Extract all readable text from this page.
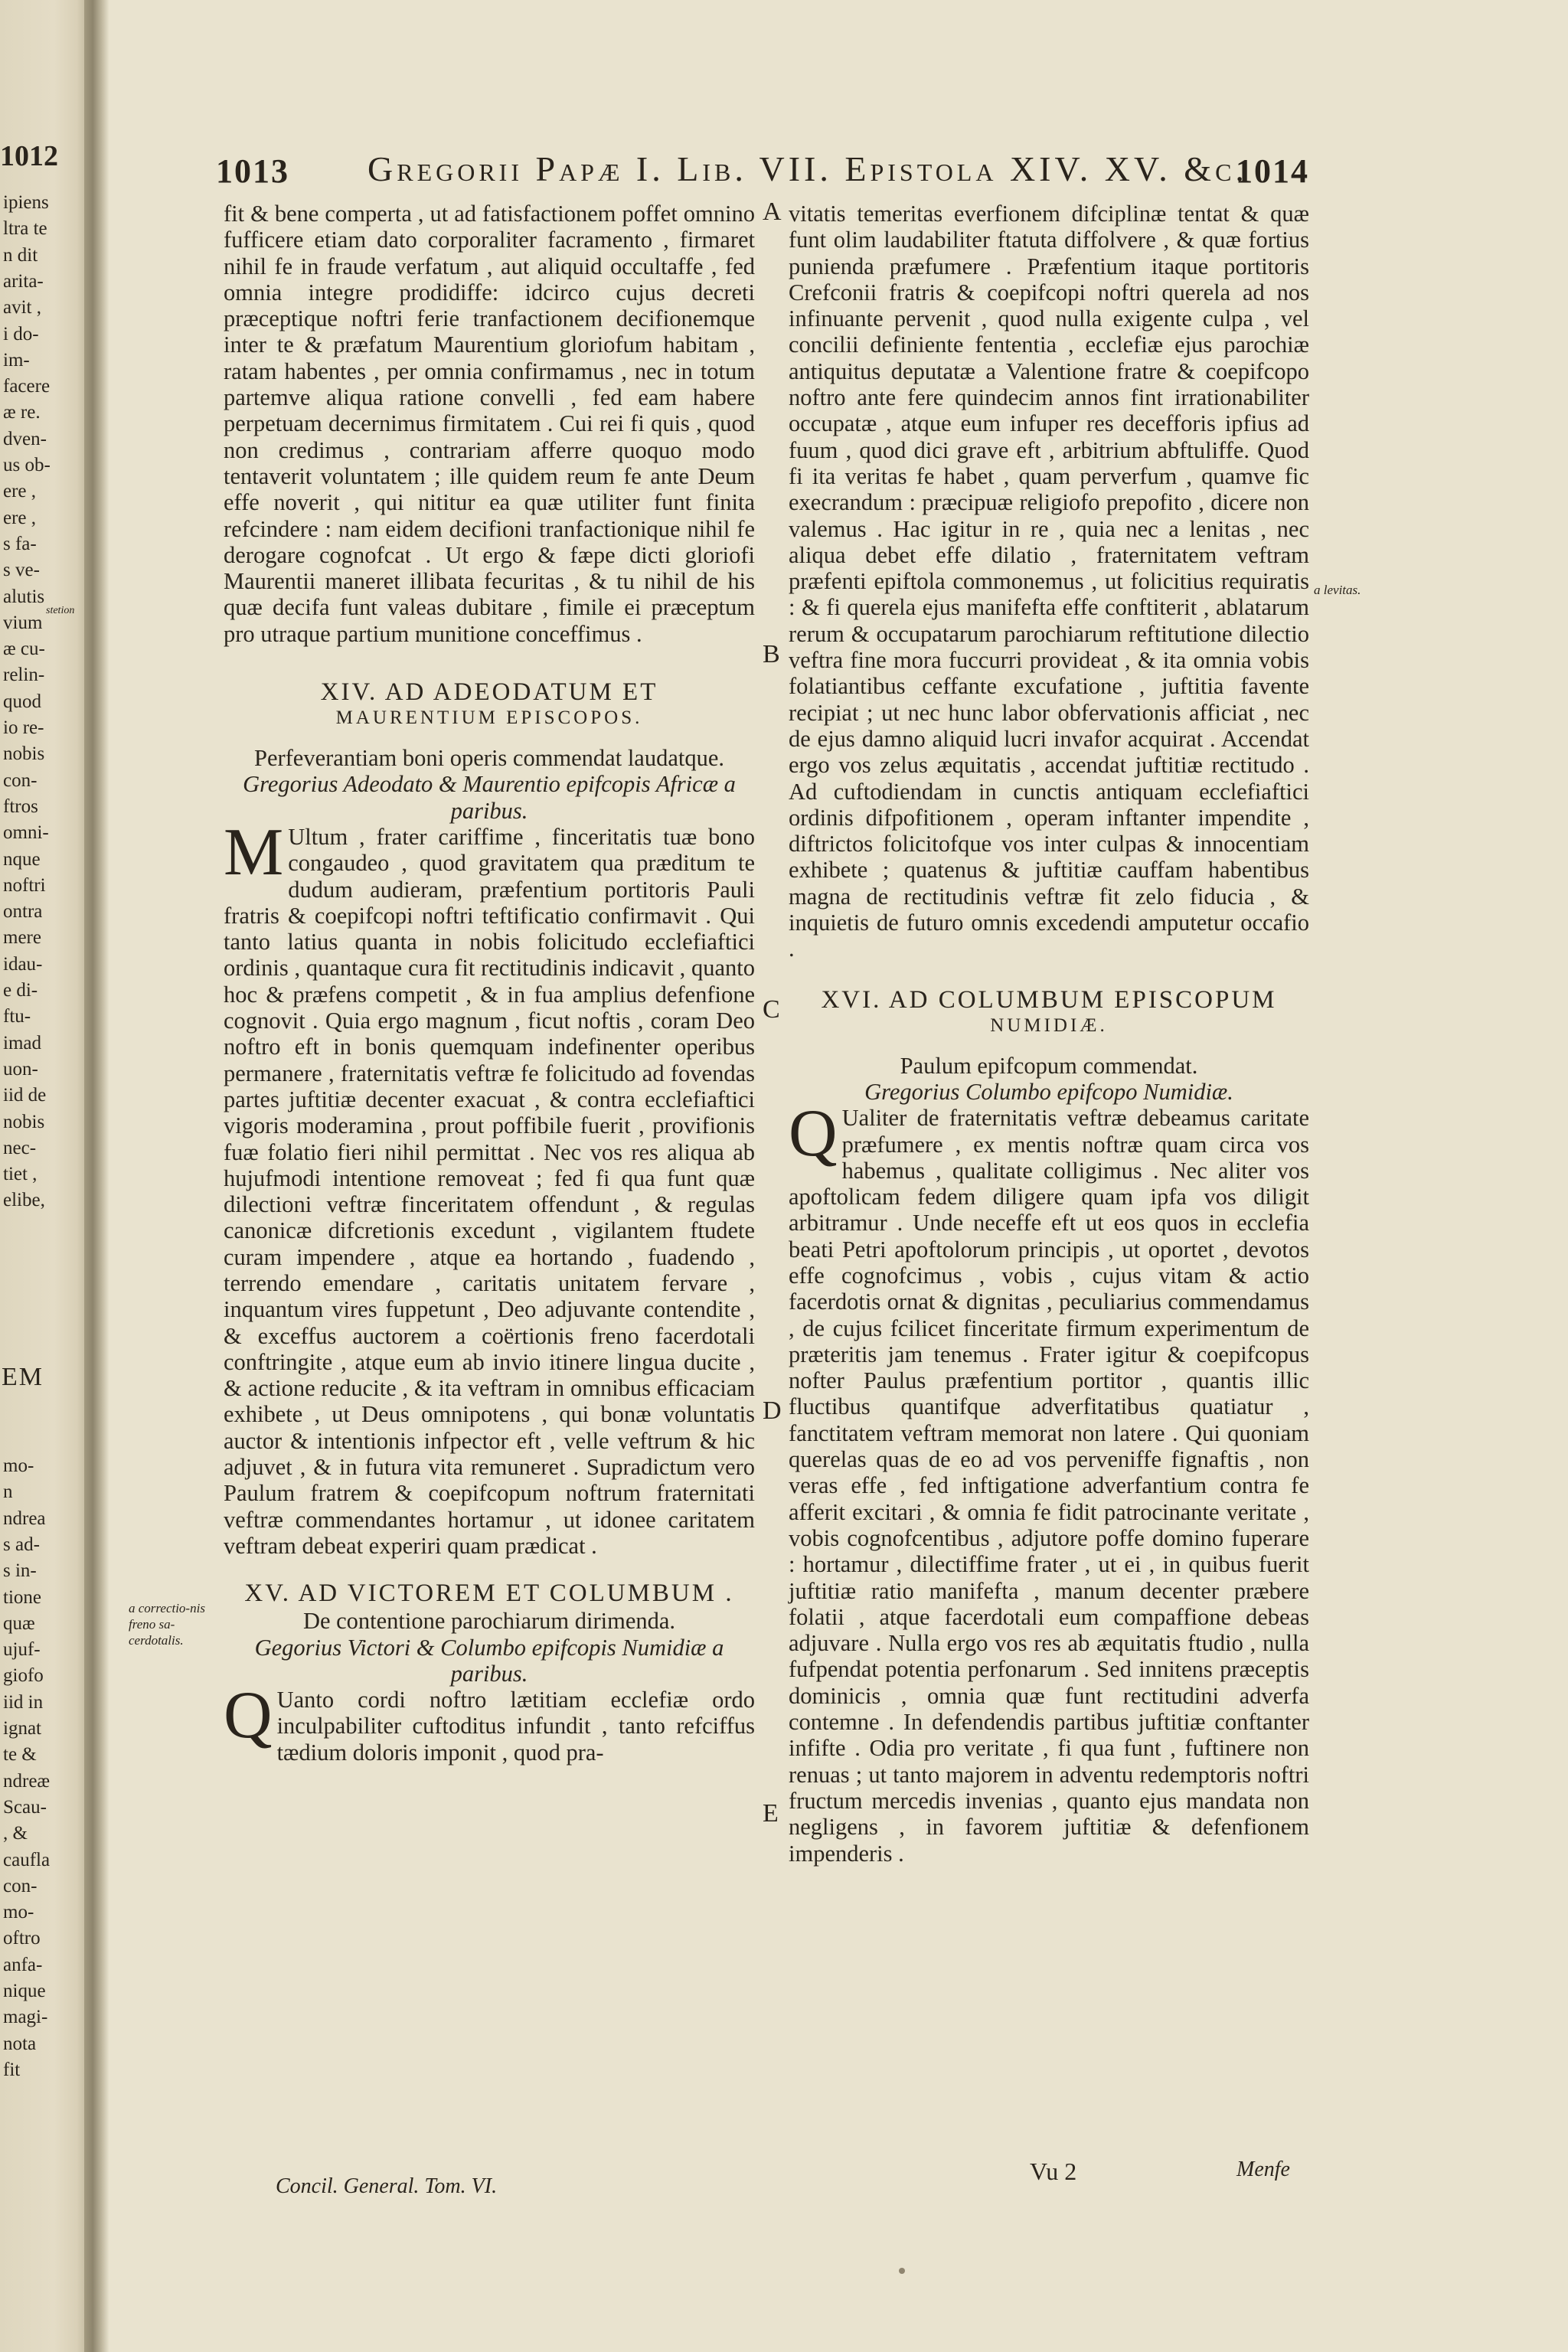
1012
ipiens
ltra te
n dit
arita-
avit ,
i do-
im-
facere
æ re.
dven-
us ob-
ere ,
ere ,
s fa-
s ve-
alutis
vium
æ cu-
relin-
quod
io re-
nobis
con-
ftros
omni-
nque
noftri
ontra
mere
idau-
e di-
ftu-
imad
uon-
iid de
nobis
nec-
tiet ,
elibe,
stetion
EM
mo-
n
ndrea
s ad-
s in-
tione
quæ
ujuf-
giofo
iid in
ignat
te &
ndreæ
Scau-
, &
caufla
con-
mo-
oftro
anfa-
nique
magi-
nota
fit
1013 Gregorii Papæ I. Lib. VII. Epistola XIV. XV. &c.
1014
A
B
C
D
E
a correctio-nis freno sa-cerdotalis.
a levitas.

fit & bene comperta , ut ad fatisfactionem poffet omnino fufficere etiam dato corporaliter facramento , firmaret nihil fe in fraude verfatum , aut aliquid occultaffe , fed omnia integre prodidiffe: idcirco cujus decreti præceptique noftri ferie tranfactionem decifionemque inter te & præfatum Maurentium gloriofum habitam , ratam habentes , per omnia confirmamus , nec in totum partemve aliqua ratione convelli , fed eam habere perpetuam decernimus firmitatem . Cui rei fi quis , quod non credimus , contrariam afferre quoquo modo tentaverit voluntatem ; ille quidem reum fe ante Deum effe noverit , qui nititur ea quæ utiliter funt finita refcindere : nam eidem decifioni tranfactionique nihil fe derogare cognofcat . Ut ergo & fæpe dicti gloriofi Maurentii maneret illibata fecuritas , & tu nihil de his quæ decifa funt valeas dubitare , fimile ei præceptum pro utraque partium munitione conceffimus .

XIV. AD ADEODATUM ET

MAURENTIUM EPISCOPOS.

Perfeverantiam boni operis commendat laudatque.

Gregorius Adeodato & Maurentio epifcopis Africæ a paribus.

M Ultum , frater cariffime , finceritatis tuæ bono congaudeo , quod gravitatem qua præditum te dudum audieram, præfentium portitoris Pauli fratris & coepifcopi noftri teftificatio confirmavit . Qui tanto latius quanta in nobis folicitudo ecclefiaftici ordinis , quantaque cura fit rectitudinis indicavit , quanto hoc & præfens competit , & in fua amplius defenfione cognovit . Quia ergo magnum , ficut noftis , coram Deo noftro eft in bonis quemquam indefinenter operibus permanere , fraternitatis veftræ fe folicitudo ad fovendas partes juftitiæ decenter exacuat , & contra ecclefiaftici vigoris moderamina , prout poffibile fuerit , provifionis fuæ folatio fieri nihil permittat . Nec vos res aliqua ab hujufmodi intentione removeat ; fed fi qua funt quæ dilectioni veftræ finceritatem offendunt , & regulas canonicæ difcretionis excedunt , vigilantem ftudete curam impendere , atque ea hortando , fuadendo , terrendo emendare , caritatis unitatem fervare , inquantum vires fuppetunt , Deo adjuvante contendite , & exceffus auctorem a coërtionis freno facerdotali conftringite , atque eum ab invio itinere lingua ducite , & actione reducite , & ita veftram in omnibus efficaciam exhibete , ut Deus omnipotens , qui bonæ voluntatis auctor & intentionis infpector eft , velle veftrum & hic adjuvet , & in futura vita remuneret . Supradictum vero Paulum fratrem & coepifcopum noftrum fraternitati veftræ commendantes hortamur , ut idonee caritatem veftram debeat experiri quam prædicat .

XV. AD VICTOREM ET COLUMBUM .

De contentione parochiarum dirimenda.

Gegorius Victori & Columbo epifcopis Numidiæ a paribus.

Q Uanto cordi noftro lætitiam ecclefiæ ordo inculpabiliter cuftoditus infundit , tanto refciffus tædium doloris imponit , quod pra-

vitatis temeritas everfionem difciplinæ tentat & quæ funt olim laudabiliter ftatuta diffolvere , & quæ fortius punienda præfumere . Præfentium itaque portitoris Crefconii fratris & coepifcopi noftri querela ad nos infinuante pervenit , quod nulla exigente culpa , vel concilii definiente fententia , ecclefiæ ejus parochiæ antiquitus deputatæ a Valentione fratre & coepifcopo noftro ante fere quindecim annos fint irrationabiliter occupatæ , atque eum infuper res decefforis ipfius ad fuum , quod dici grave eft , arbitrium abftuliffe. Quod fi ita veritas fe habet , quam perverfum , quamve fic execrandum : præcipuæ religiofo prepofito , dicere non valemus . Hac igitur in re , quia nec a lenitas , nec aliqua debet effe dilatio , fraternitatem veftram præfenti epiftola commonemus , ut folicitius requiratis : & fi querela ejus manifefta effe conftiterit , ablatarum rerum & occupatarum parochiarum reftitutione dilectio veftra fine mora fuccurri provideat , & ita omnia vobis folatiantibus ceffante excufatione , juftitia favente recipiat ; ut nec hunc labor obfervationis afficiat , nec de ejus damno aliquid lucri invafor acquirat . Accendat ergo vos zelus æquitatis , accendat juftitiæ rectitudo . Ad cuftodiendam in cunctis antiquam ecclefiaftici ordinis difpofitionem , operam inftanter impendite , diftrictos folicitofque vos inter culpas & innocentiam exhibete ; quatenus & juftitiæ cauffam habentibus magna de rectitudinis veftræ fit zelo fiducia , & inquietis de futuro omnis excedendi amputetur occafio .

XVI. AD COLUMBUM EPISCOPUM

NUMIDIÆ.

Paulum epifcopum commendat.

Gregorius Columbo epifcopo Numidiæ.

Q Ualiter de fraternitatis veftræ debeamus caritate præfumere , ex mentis noftræ quam circa vos habemus , qualitate colligimus . Nec aliter vos apoftolicam fedem diligere quam ipfa vos diligit arbitramur . Unde neceffe eft ut eos quos in ecclefia beati Petri apoftolorum principis , ut oportet , devotos effe cognofcimus , vobis , cujus vitam & actio facerdotis ornat & dignitas , peculiarius commendamus , de cujus fcilicet finceritate firmum experimentum de præteritis jam tenemus . Frater igitur & coepifcopus nofter Paulus præfentium portitor , quantis illic fluctibus quantifque adverfitatibus quatiatur , fanctitatem veftram memorat non latere . Qui quoniam querelas quas de eo ad vos perveniffe fignaftis , non veras effe , fed inftigatione adverfantium contra fe afferit excitari , & omnia fe fidit patrocinante veritate , vobis cognofcentibus , adjutore poffe domino fuperare : hortamur , dilectiffime frater , ut ei , in quibus fuerit juftitiæ ratio manifefta , manum decenter præbere folatii , atque facerdotali eum compaffione debeas adjuvare . Nulla ergo vos res ab æquitatis ftudio , nulla fufpendat potentia perfonarum . Sed innitens præceptis dominicis , omnia quæ funt rectitudini adverfa contemne . In defendendis partibus juftitiæ conftanter infifte . Odia pro veritate , fi qua funt , fuftinere non renuas ; ut tanto majorem in adventu redemptoris noftri fructum mercedis invenias , quanto ejus mandata non negligens , in favorem juftitiæ & defenfionem impenderis .

Concil. General. Tom. VI.
Vu 2	Menfe
